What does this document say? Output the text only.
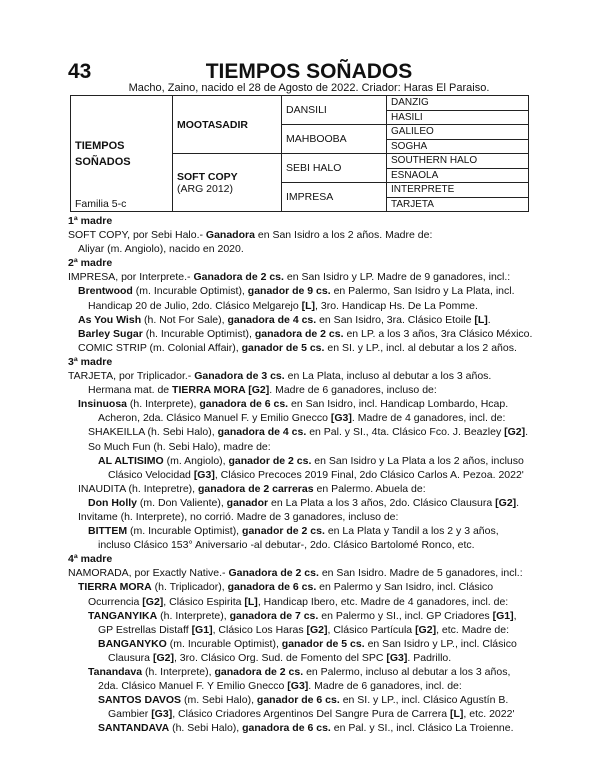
43	TIEMPOS SOÑADOS
Macho, Zaino, nacido el 28 de Agosto de 2022. Criador: Haras El Paraiso.
TIEMPOS
SOÑADOS
Familia 5-c	MOOTASADIR	DANSILI	DANZIG
			HASILI
		MAHBOOBA	GALILEO
			SOGHA

	SOFT COPY
(ARG 2012)	SEBI HALO	SOUTHERN HALO
			ESNAOLA
		IMPRESA	INTERPRETE
			TARJETA

1ª madre

SOFT COPY, por Sebi Halo.- Ganadora en San Isidro a los 2 años. Madre de:

Aliyar (m. Angiolo), nacido en 2020.

2ª madre

IMPRESA, por Interprete.- Ganadora de 2 cs. en San Isidro y LP. Madre de 9 ganadores, incl.:

Brentwood (m. Incurable Optimist), ganador de 9 cs. en Palermo, San Isidro y La Plata, incl.

Handicap 20 de Julio, 2do. Clásico Melgarejo [L], 3ro. Handicap Hs. De La Pomme.

As You Wish (h. Not For Sale), ganadora de 4 cs. en San Isidro, 3ra. Clásico Etoile [L].

Barley Sugar (h. Incurable Optimist), ganadora de 2 cs. en LP. a los 3 años, 3ra Clásico México.

COMIC STRIP (m. Colonial Affair), ganador de 5 cs. en SI. y LP., incl. al debutar a los 2 años.

3ª madre

TARJETA, por Triplicador.- Ganadora de 3 cs. en La Plata, incluso al debutar a los 3 años.

Hermana mat. de TIERRA MORA [G2]. Madre de 6 ganadores, incluso de:

Insinuosa (h. Interprete), ganadora de 6 cs. en San Isidro, incl. Handicap Lombardo, Hcap.

Acheron, 2da. Clásico Manuel F. y Emilio Gnecco [G3]. Madre de 4 ganadores, incl. de:

SHAKEILLA (h. Sebi Halo), ganadora de 4 cs. en Pal. y SI., 4ta. Clásico Fco. J. Beazley [G2].

So Much Fun (h. Sebi Halo), madre de:

AL ALTISIMO (m. Angiolo), ganador de 2 cs. en San Isidro y La Plata a los 2 años, incluso

Clásico Velocidad [G3], Clásico Precoces 2019 Final, 2do Clásico Carlos A. Pezoa. 2022'

INAUDITA (h. Intepretre), ganadora de 2 carreras en Palermo. Abuela de:

Don Holly (m. Don Valiente), ganador en La Plata a los 3 años, 2do. Clásico Clausura [G2].

Invitame (h. Interprete), no corrió. Madre de 3 ganadores, incluso de:

BITTEM (m. Incurable Optimist), ganador de 2 cs. en La Plata y Tandil a los 2 y 3 años,

incluso Clásico 153° Aniversario -al debutar-, 2do. Clásico Bartolomé Ronco, etc.

4ª madre

NAMORADA, por Exactly Native.- Ganadora de 2 cs. en San Isidro. Madre de 5 ganadores, incl.:

TIERRA MORA (h. Triplicador), ganadora de 6 cs. en Palermo y San Isidro, incl. Clásico

Ocurrencia [G2], Clásico Espirita [L], Handicap Ibero, etc. Madre de 4 ganadores, incl. de:

TANGANYIKA (h. Interprete), ganadora de 7 cs. en Palermo y SI., incl. GP Criadores [G1],

GP Estrellas Distaff [G1], Clásico Los Haras [G2], Clásico Partícula [G2], etc. Madre de:

BANGANYKO (m. Incurable Optimist), ganador de 5 cs. en San Isidro y LP., incl. Clásico

Clausura [G2], 3ro. Clásico Org. Sud. de Fomento del SPC [G3]. Padrillo.

Tanandava (h. Interprete), ganadora de 2 cs. en Palermo, incluso al debutar a los 3 años,

2da. Clásico Manuel F. Y Emilio Gnecco [G3]. Madre de 6 ganadores, incl. de:

SANTOS DAVOS (m. Sebi Halo), ganador de 6 cs. en SI. y LP., incl. Clásico Agustín B.

Gambier [G3], Clásico Criadores Argentinos Del Sangre Pura de Carrera [L], etc. 2022'

SANTANDAVA (h. Sebi Halo), ganadora de 6 cs. en Pal. y SI., incl. Clásico La Troienne.
